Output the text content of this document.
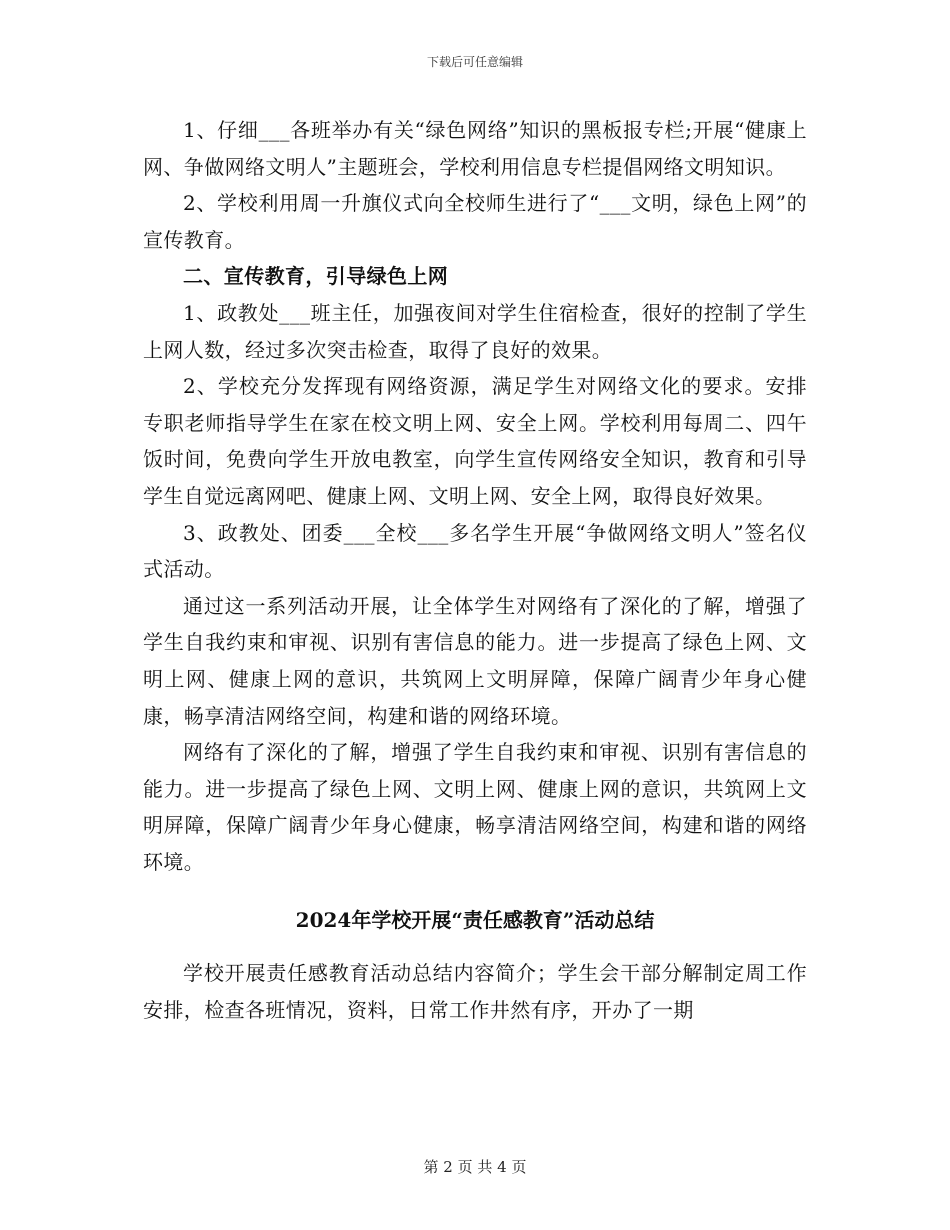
下载后可任意编辑

1、仔细___各班举办有关“绿色网络”知识的黑板报专栏;开展“健康上网、争做网络文明人”主题班会，学校利用信息专栏提倡网络文明知识。

2、学校利用周一升旗仪式向全校师生进行了“___文明，绿色上网”的宣传教育。

二、宣传教育，引导绿色上网

1、政教处___班主任，加强夜间对学生住宿检查，很好的控制了学生上网人数，经过多次突击检查，取得了良好的效果。

2、学校充分发挥现有网络资源，满足学生对网络文化的要求。安排专职老师指导学生在家在校文明上网、安全上网。学校利用每周二、四午饭时间，免费向学生开放电教室，向学生宣传网络安全知识，教育和引导学生自觉远离网吧、健康上网、文明上网、安全上网，取得良好效果。

3、政教处、团委___全校___多名学生开展“争做网络文明人”签名仪式活动。

通过这一系列活动开展，让全体学生对网络有了深化的了解，增强了学生自我约束和审视、识别有害信息的能力。进一步提高了绿色上网、文明上网、健康上网的意识，共筑网上文明屏障，保障广阔青少年身心健康，畅享清洁网络空间，构建和谐的网络环境。

网络有了深化的了解，增强了学生自我约束和审视、识别有害信息的能力。进一步提高了绿色上网、文明上网、健康上网的意识，共筑网上文明屏障，保障广阔青少年身心健康，畅享清洁网络空间，构建和谐的网络环境。

2024年学校开展“责任感教育”活动总结

学校开展责任感教育活动总结内容简介；学生会干部分解制定周工作安排，检查各班情况，资料，日常工作井然有序，开办了一期

第 2 页 共 4 页
